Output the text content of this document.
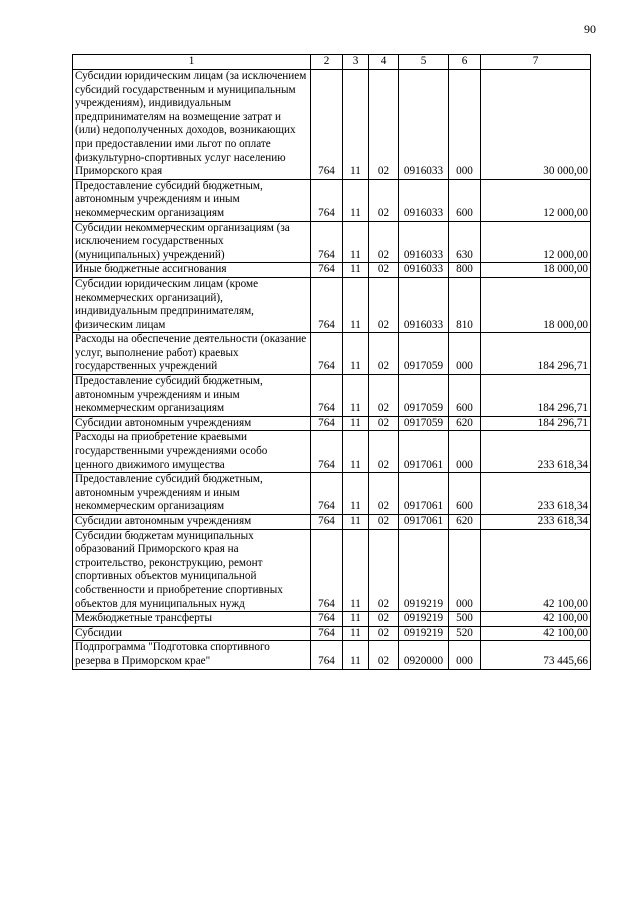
90
1	2	3	4	5	6	7
Субсидии юридическим лицам (за исключением субсидий государственным и муниципальным учреждениям), индивидуальным предпринимателям на возмещение затрат и (или) недополученных доходов, возникающих при предоставлении ими льгот по оплате физкультурно-спортивных услуг населению Приморского края	764	11	02	0916033	000	30 000,00
Предоставление субсидий бюджетным, автономным учреждениям и иным некоммерческим организациям	764	11	02	0916033	600	12 000,00
Субсидии некоммерческим организациям (за исключением государственных (муниципальных) учреждений)	764	11	02	0916033	630	12 000,00
Иные бюджетные ассигнования	764	11	02	0916033	800	18 000,00
Субсидии юридическим лицам (кроме некоммерческих организаций), индивидуальным предпринимателям, физическим лицам	764	11	02	0916033	810	18 000,00
Расходы на обеспечение деятельности (оказание услуг, выполнение работ) краевых государственных учреждений	764	11	02	0917059	000	184 296,71
Предоставление субсидий бюджетным, автономным учреждениям и иным некоммерческим организациям	764	11	02	0917059	600	184 296,71
Субсидии автономным учреждениям	764	11	02	0917059	620	184 296,71
Расходы на приобретение краевыми государственными учреждениями особо ценного движимого имущества	764	11	02	0917061	000	233 618,34
Предоставление субсидий бюджетным, автономным учреждениям и иным некоммерческим организациям	764	11	02	0917061	600	233 618,34
Субсидии автономным учреждениям	764	11	02	0917061	620	233 618,34
Субсидии бюджетам муниципальных образований Приморского края на строительство, реконструкцию, ремонт спортивных объектов муниципальной собственности и приобретение спортивных объектов для муниципальных нужд	764	11	02	0919219	000	42 100,00
Межбюджетные трансферты	764	11	02	0919219	500	42 100,00
Субсидии	764	11	02	0919219	520	42 100,00
Подпрограмма "Подготовка спортивного резерва в Приморском крае"	764	11	02	0920000	000	73 445,66
